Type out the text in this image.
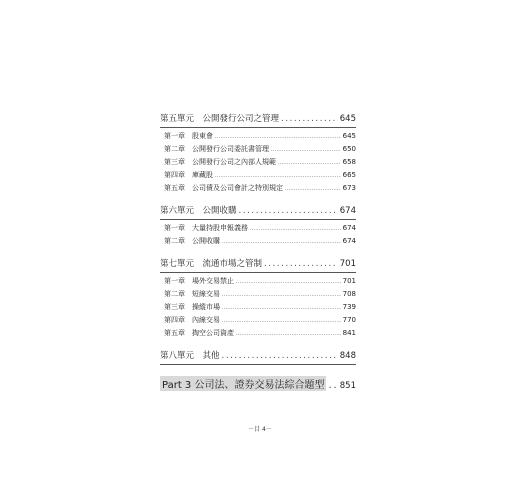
第五單元　公開發行公司之管理 .....	645
第一章　股東會 .....	645
第二章　公開發行公司委託書管理 .....	650
第三章　公開發行公司之內部人規範 .....	658
第四章　庫藏股 .....	665
第五章　公司債及公司會計之特別規定 .....	673
第六單元　公開收購 .....	674
第一章　大量持股申報義務 .....	674
第二章　公開收購 .....	674
第七單元　流通市場之管制 .....	701
第一章　場外交易禁止 .....	701
第二章　短線交易 .....	708
第三章　操縱市場 .....	739
第四章　內線交易 .....	770
第五章　掏空公司資產 .....	841
第八單元　其他 .....	848
Part 3 公司法、證券交易法綜合題型 ..... 851
－目 4－
